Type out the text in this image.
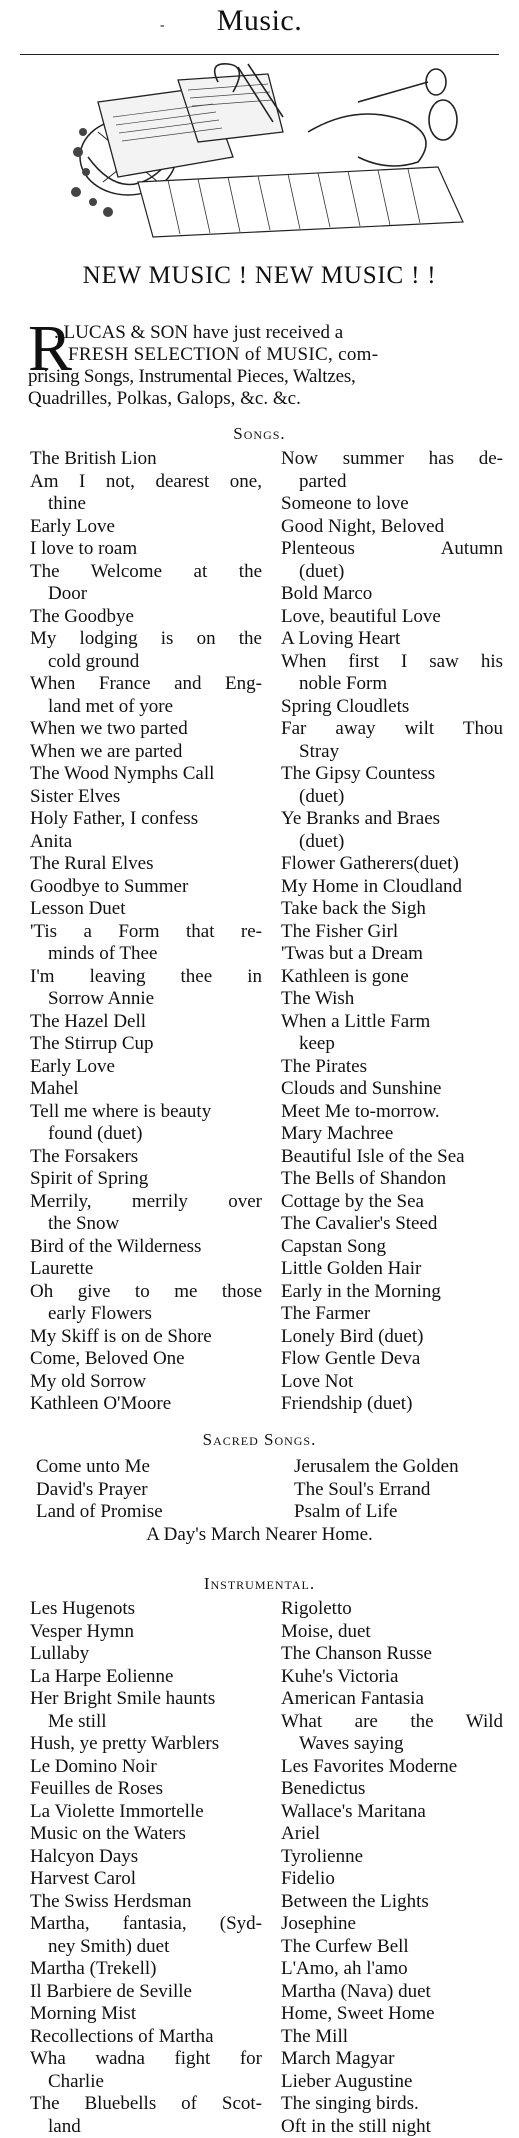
-	Music.
NEW MUSIC ! NEW MUSIC ! !
R
. LUCAS & SON have just received a
FRESH SELECTION of MUSIC, com-
prising Songs, Instrumental Pieces, Waltzes,
Quadrilles, Polkas, Galops, &c. &c.
Songs.
The British Lion
Am I not, dearest one,
thine
Early Love
I love to roam
The Welcome at the
Door
The Goodbye
My lodging is on the
cold ground
When France and Eng-
land met of yore
When we two parted
When we are parted
The Wood Nymphs Call
Sister Elves
Holy Father, I confess
Anita
The Rural Elves
Goodbye to Summer
Lesson Duet
'Tis a Form that re-
minds of Thee
I'm leaving thee in
Sorrow Annie
The Hazel Dell
The Stirrup Cup
Early Love
Mahel
Tell me where is beauty
found (duet)
The Forsakers
Spirit of Spring
Merrily, merrily over
the Snow
Bird of the Wilderness
Laurette
Oh give to me those
early Flowers
My Skiff is on de Shore
Come, Beloved One
My old Sorrow
Kathleen O'Moore
Now summer has de-
parted
Someone to love
Good Night, Beloved
Plenteous Autumn
(duet)
Bold Marco
Love, beautiful Love
A Loving Heart
When first I saw his
noble Form
Spring Cloudlets
Far away wilt Thou
Stray
The Gipsy Countess
(duet)
Ye Branks and Braes
(duet)
Flower Gatherers(duet)
My Home in Cloudland
Take back the Sigh
The Fisher Girl
'Twas but a Dream
Kathleen is gone
The Wish
When a Little Farm
keep
The Pirates
Clouds and Sunshine
Meet Me to-morrow.
Mary Machree
Beautiful Isle of the Sea
The Bells of Shandon
Cottage by the Sea
The Cavalier's Steed
Capstan Song
Little Golden Hair
Early in the Morning
The Farmer
Lonely Bird (duet)
Flow Gentle Deva
Love Not
Friendship (duet)
Sacred Songs.
Come unto Me
David's Prayer
Land of Promise
Jerusalem the Golden
The Soul's Errand
Psalm of Life
A Day's March Nearer Home.
Instrumental.
Les Hugenots
Vesper Hymn
Lullaby
La Harpe Eolienne
Her Bright Smile haunts
Me still
Hush, ye pretty Warblers
Le Domino Noir
Feuilles de Roses
La Violette Immortelle
Music on the Waters
Halcyon Days
Harvest Carol
The Swiss Herdsman
Martha, fantasia, (Syd-
ney Smith) duet
Martha (Trekell)
Il Barbiere de Seville
Morning Mist
Recollections of Martha
Wha wadna fight for
Charlie
The Bluebells of Scot-
land
Rigoletto
Moise, duet
The Chanson Russe
Kuhe's Victoria
American Fantasia
What are the Wild
Waves saying
Les Favorites Moderne
Benedictus
Wallace's Maritana
Ariel
Tyrolienne
Fidelio
Between the Lights
Josephine
The Curfew Bell
L'Amo, ah l'amo
Martha (Nava) duet
Home, Sweet Home
The Mill
March Magyar
Lieber Augustine
The singing birds.
Oft in the still night
